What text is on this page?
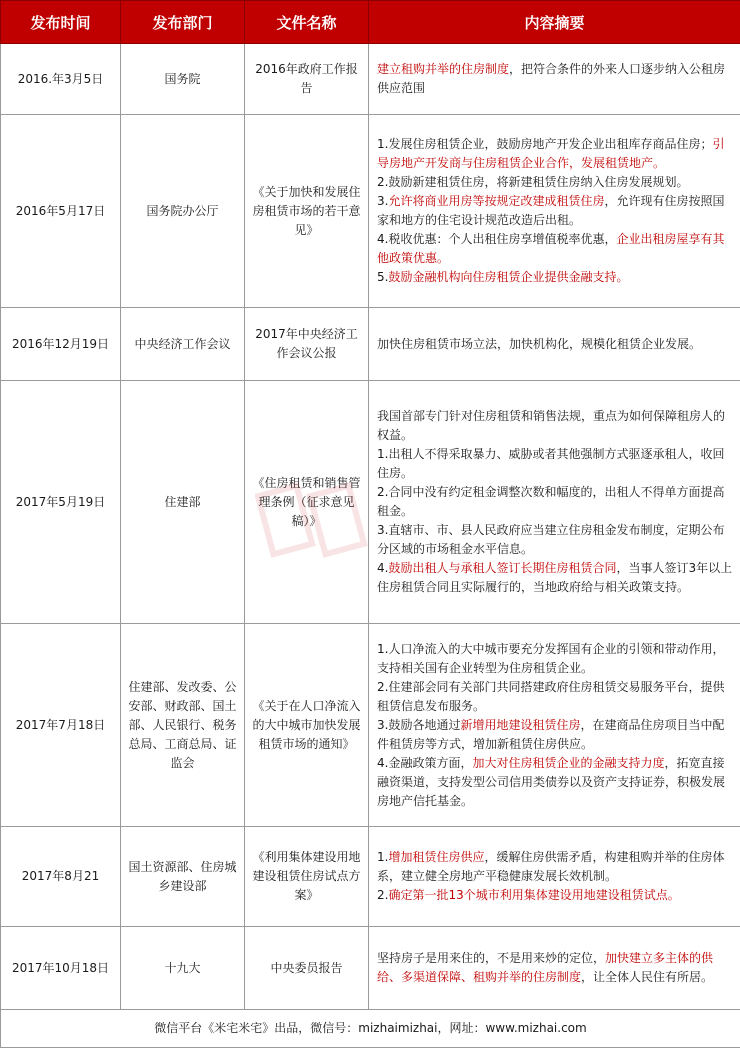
发布时间	发布部门	文件名称	内容摘要
2016.年3月5日	国务院	2016年政府工作报告	建立租购并举的住房制度，把符合条件的外来人口逐步纳入公租房供应范围

2016年5月17日	国务院办公厅	《关于加快和发展住房租赁市场的若干意见》	1.发展住房租赁企业，鼓励房地产开发企业出租库存商品住房；引导房地产开发商与住房租赁企业合作，发展租赁地产。
2.鼓励新建租赁住房，将新建租赁住房纳入住房发展规划。
3.允许将商业用房等按规定改建成租赁住房，允许现有住房按照国家和地方的住宅设计规范改造后出租。
4.税收优惠：个人出租住房享增值税率优惠，企业出租房屋享有其他政策优惠。
5.鼓励金融机构向住房租赁企业提供金融支持。

2016年12月19日	中央经济工作会议	2017年中央经济工作会议公报	加快住房租赁市场立法，加快机构化，规模化租赁企业发展。

2017年5月19日	住建部	《住房租赁和销售管理条例（征求意见稿）》	我国首部专门针对住房租赁和销售法规，重点为如何保障租房人的权益。
1.出租人不得采取暴力、威胁或者其他强制方式驱逐承租人，收回住房。
2.合同中没有约定租金调整次数和幅度的，出租人不得单方面提高租金。
3.直辖市、市、县人民政府应当建立住房租金发布制度，定期公布分区域的市场租金水平信息。
4.鼓励出租人与承租人签订长期住房租赁合同，当事人签订3年以上住房租赁合同且实际履行的，当地政府给与相关政策支持。

2017年7月18日	住建部、发改委、公安部、财政部、国土部、人民银行、税务总局、工商总局、证监会	《关于在人口净流入的大中城市加快发展租赁市场的通知》	1.人口净流入的大中城市要充分发挥国有企业的引领和带动作用，支持相关国有企业转型为住房租赁企业。
2.住建部会同有关部门共同搭建政府住房租赁交易服务平台，提供租赁信息发布服务。
3.鼓励各地通过新增用地建设租赁住房，在建商品住房项目当中配件租赁房等方式，增加新租赁住房供应。
4.金融政策方面，加大对住房租赁企业的金融支持力度，拓宽直接融资渠道，支持发型公司信用类债券以及资产支持证券，积极发展房地产信托基金。

2017年8月21	国土资源部、住房城乡建设部	《利用集体建设用地建设租赁住房试点方案》	1.增加租赁住房供应，缓解住房供需矛盾，构建租购并举的住房体系，建立健全房地产平稳健康发展长效机制。
2.确定第一批13个城市利用集体建设用地建设租赁试点。

2017年10月18日	十九大	中央委员报告	坚持房子是用来住的，不是用来炒的定位，加快建立多主体的供给、多渠道保障、租购并举的住房制度，让全体人民住有所居。

微信平台《米宅米宅》出品，微信号：mizhaimizhai，网址：www.mizhai.com			
